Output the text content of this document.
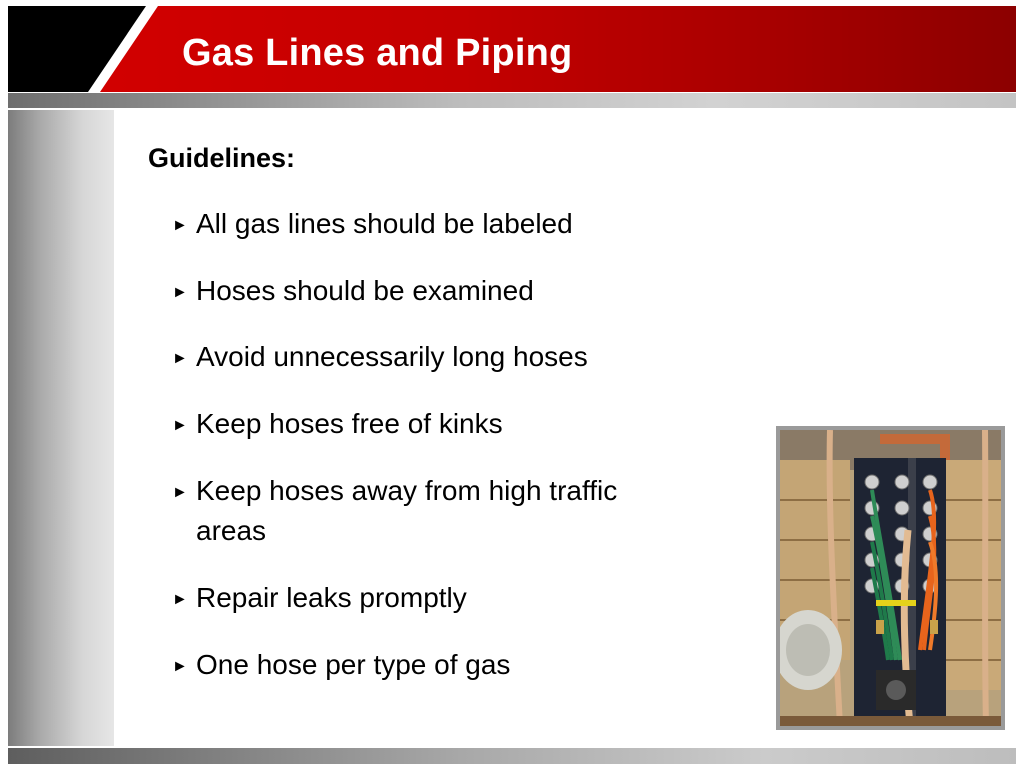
Gas Lines and Piping
Guidelines:
► All gas lines should be labeled
► Hoses should be examined
► Avoid unnecessarily long hoses
► Keep hoses free of kinks
► Keep hoses away from high traffic areas
► Repair leaks promptly
► One hose per type of gas
